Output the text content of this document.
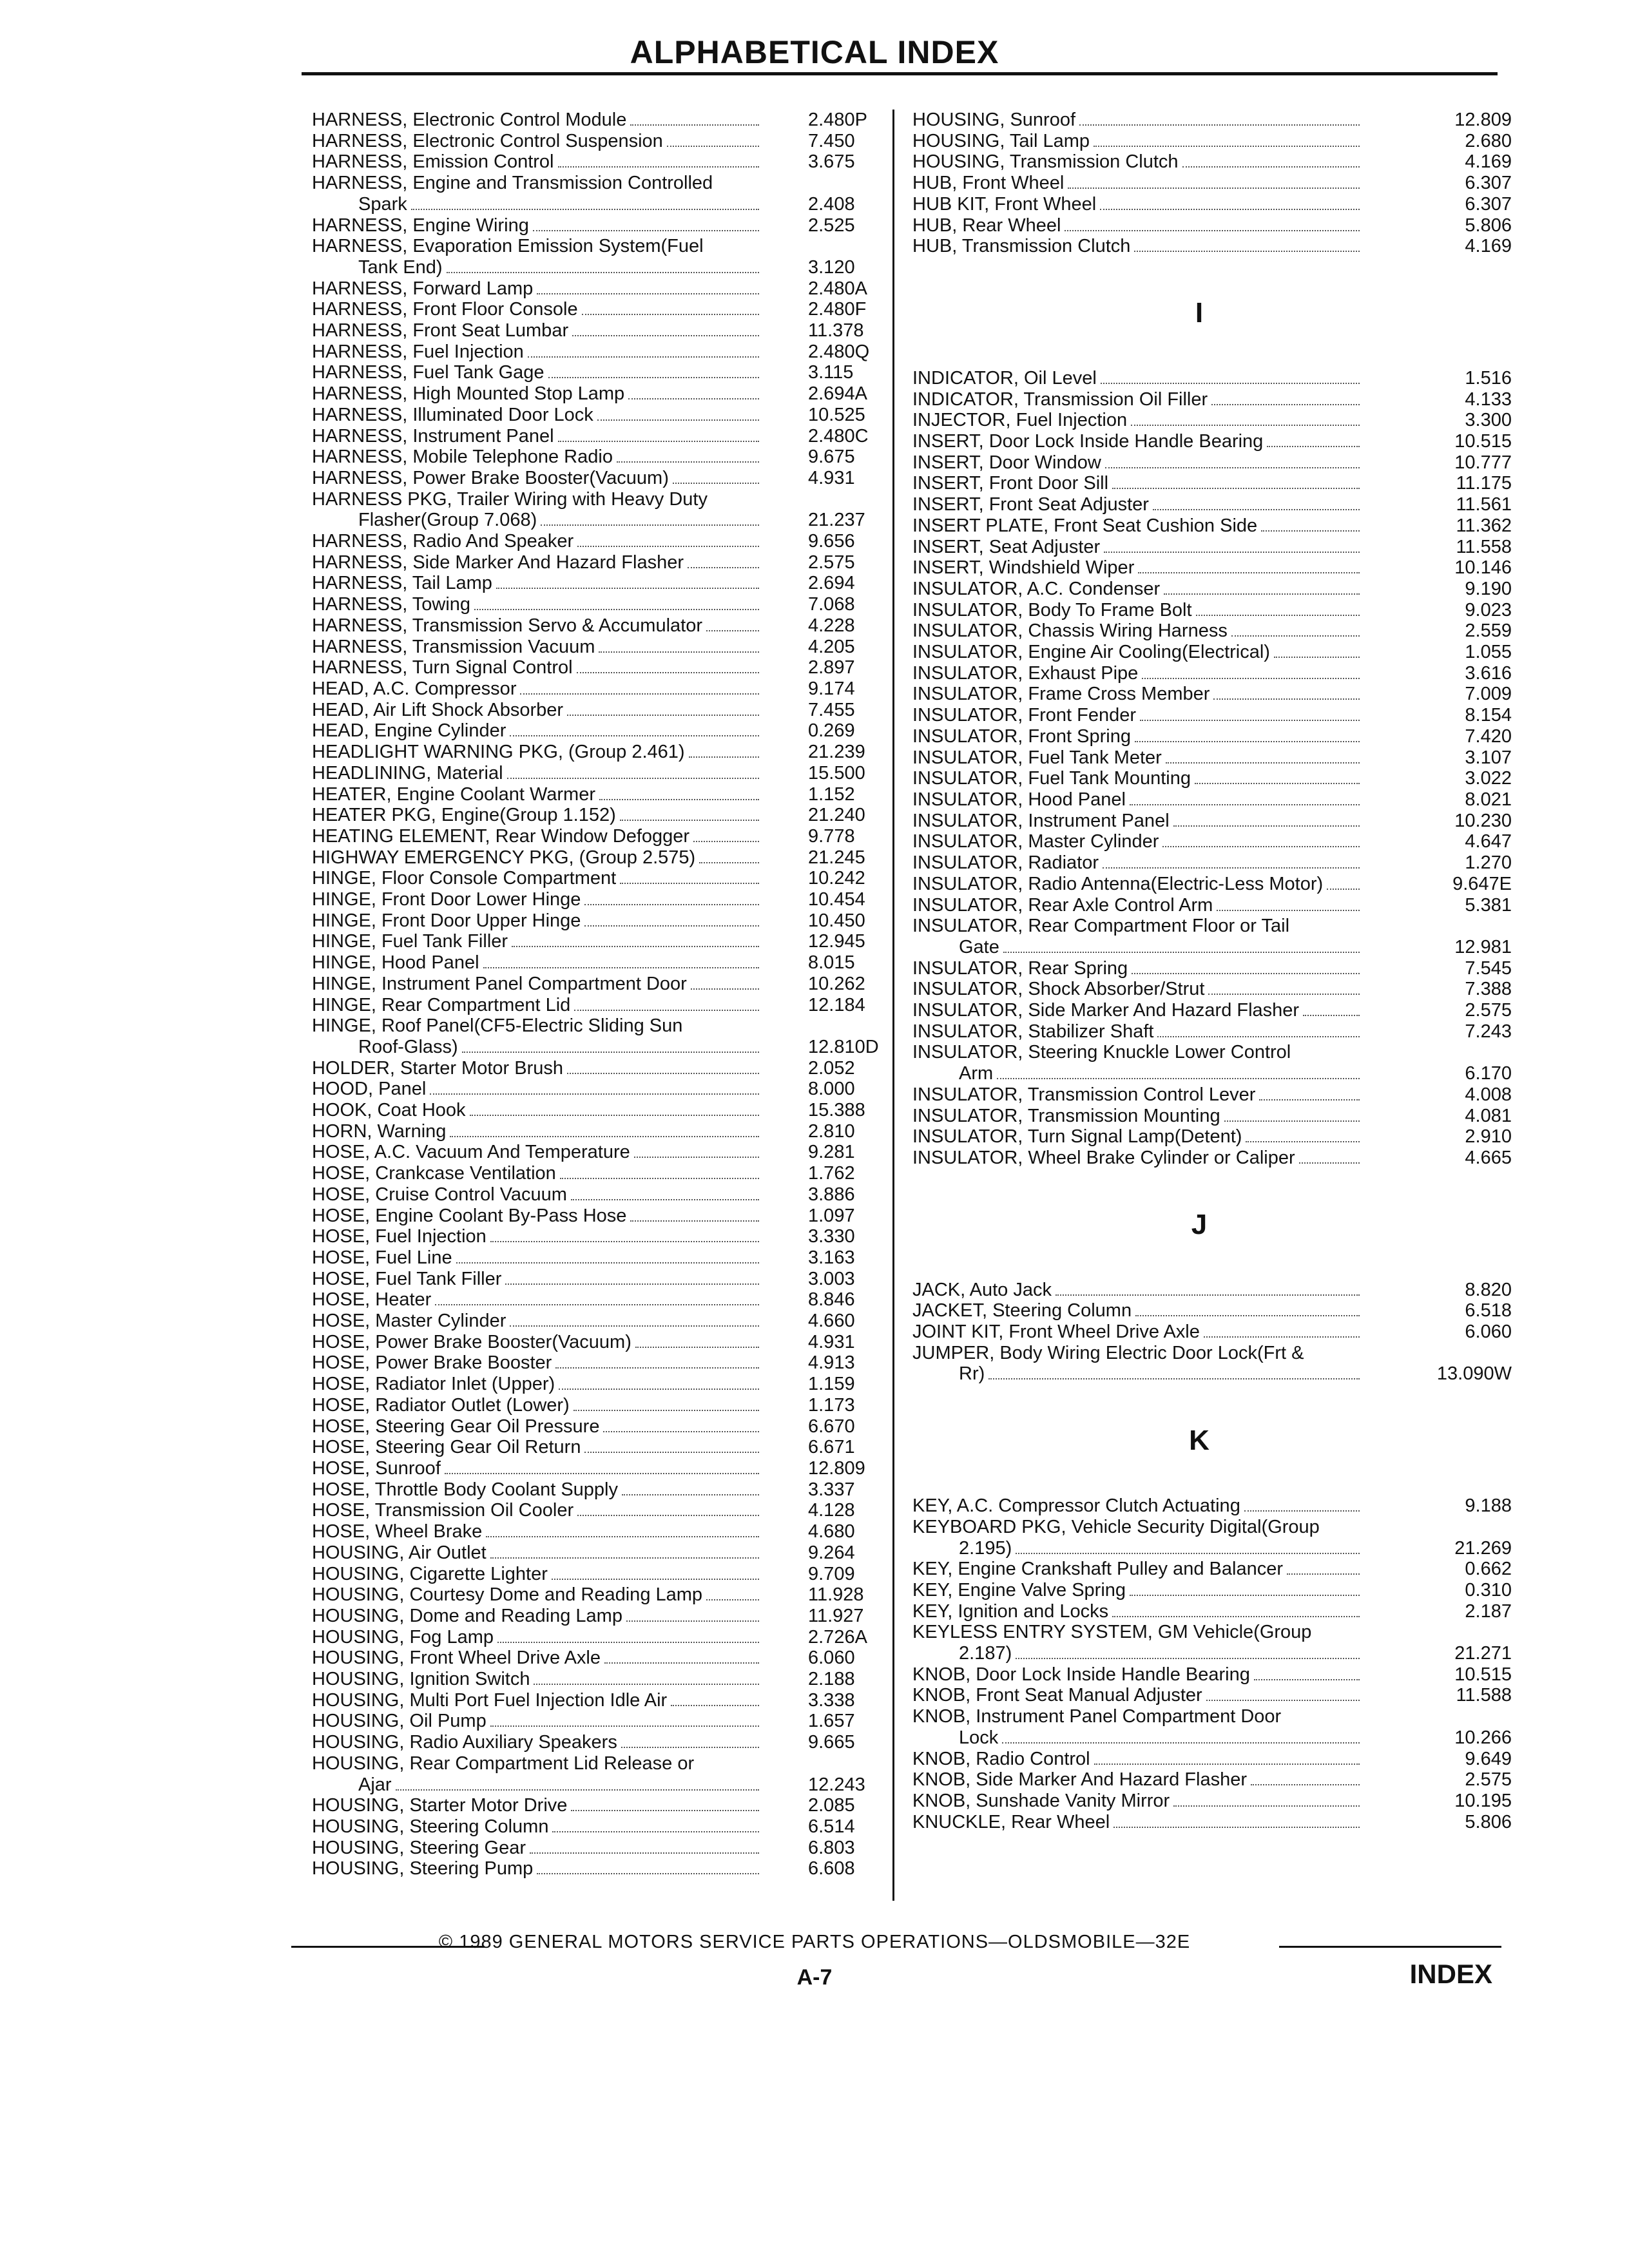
ALPHABETICAL INDEX
HARNESS, Electronic Control Module	2.480P
HARNESS, Electronic Control Suspension	7.450
HARNESS, Emission Control	3.675
HARNESS, Engine and Transmission Controlled
Spark	2.408
HARNESS, Engine Wiring	2.525
HARNESS, Evaporation Emission System(Fuel
Tank End)	3.120
HARNESS, Forward Lamp	2.480A
HARNESS, Front Floor Console	2.480F
HARNESS, Front Seat Lumbar	11.378
HARNESS, Fuel Injection	2.480Q
HARNESS, Fuel Tank Gage	3.115
HARNESS, High Mounted Stop Lamp	2.694A
HARNESS, Illuminated Door Lock	10.525
HARNESS, Instrument Panel	2.480C
HARNESS, Mobile Telephone Radio	9.675
HARNESS, Power Brake Booster(Vacuum)	4.931
HARNESS PKG, Trailer Wiring with Heavy Duty
Flasher(Group 7.068)	21.237
HARNESS, Radio And Speaker	9.656
HARNESS, Side Marker And Hazard Flasher	2.575
HARNESS, Tail Lamp	2.694
HARNESS, Towing	7.068
HARNESS, Transmission Servo & Accumulator	4.228
HARNESS, Transmission Vacuum	4.205
HARNESS, Turn Signal Control	2.897
HEAD, A.C. Compressor	9.174
HEAD, Air Lift Shock Absorber	7.455
HEAD, Engine Cylinder	0.269
HEADLIGHT WARNING PKG, (Group 2.461)	21.239
HEADLINING, Material	15.500
HEATER, Engine Coolant Warmer	1.152
HEATER PKG, Engine(Group 1.152)	21.240
HEATING ELEMENT, Rear Window Defogger	9.778
HIGHWAY EMERGENCY PKG, (Group 2.575)	21.245
HINGE, Floor Console Compartment	10.242
HINGE, Front Door Lower Hinge	10.454
HINGE, Front Door Upper Hinge	10.450
HINGE, Fuel Tank Filler	12.945
HINGE, Hood Panel	8.015
HINGE, Instrument Panel Compartment Door	10.262
HINGE, Rear Compartment Lid	12.184
HINGE, Roof Panel(CF5-Electric Sliding Sun
Roof-Glass)	12.810D
HOLDER, Starter Motor Brush	2.052
HOOD, Panel	8.000
HOOK, Coat Hook	15.388
HORN, Warning	2.810
HOSE, A.C. Vacuum And Temperature	9.281
HOSE, Crankcase Ventilation	1.762
HOSE, Cruise Control Vacuum	3.886
HOSE, Engine Coolant By-Pass Hose	1.097
HOSE, Fuel Injection	3.330
HOSE, Fuel Line	3.163
HOSE, Fuel Tank Filler	3.003
HOSE, Heater	8.846
HOSE, Master Cylinder	4.660
HOSE, Power Brake Booster(Vacuum)	4.931
HOSE, Power Brake Booster	4.913
HOSE, Radiator Inlet (Upper)	1.159
HOSE, Radiator Outlet (Lower)	1.173
HOSE, Steering Gear Oil Pressure	6.670
HOSE, Steering Gear Oil Return	6.671
HOSE, Sunroof	12.809
HOSE, Throttle Body Coolant Supply	3.337
HOSE, Transmission Oil Cooler	4.128
HOSE, Wheel Brake	4.680
HOUSING, Air Outlet	9.264
HOUSING, Cigarette Lighter	9.709
HOUSING, Courtesy Dome and Reading Lamp	11.928
HOUSING, Dome and Reading Lamp	11.927
HOUSING, Fog Lamp	2.726A
HOUSING, Front Wheel Drive Axle	6.060
HOUSING, Ignition Switch	2.188
HOUSING, Multi Port Fuel Injection Idle Air	3.338
HOUSING, Oil Pump	1.657
HOUSING, Radio Auxiliary Speakers	9.665
HOUSING, Rear Compartment Lid Release or
Ajar	12.243
HOUSING, Starter Motor Drive	2.085
HOUSING, Steering Column	6.514
HOUSING, Steering Gear	6.803
HOUSING, Steering Pump	6.608
HOUSING, Sunroof	12.809
HOUSING, Tail Lamp	2.680
HOUSING, Transmission Clutch	4.169
HUB, Front Wheel	6.307
HUB KIT, Front Wheel	6.307
HUB, Rear Wheel	5.806
HUB, Transmission Clutch	4.169
I
INDICATOR, Oil Level	1.516
INDICATOR, Transmission Oil Filler	4.133
INJECTOR, Fuel Injection	3.300
INSERT, Door Lock Inside Handle Bearing	10.515
INSERT, Door Window	10.777
INSERT, Front Door Sill	11.175
INSERT, Front Seat Adjuster	11.561
INSERT PLATE, Front Seat Cushion Side	11.362
INSERT, Seat Adjuster	11.558
INSERT, Windshield Wiper	10.146
INSULATOR, A.C. Condenser	9.190
INSULATOR, Body To Frame Bolt	9.023
INSULATOR, Chassis Wiring Harness	2.559
INSULATOR, Engine Air Cooling(Electrical)	1.055
INSULATOR, Exhaust Pipe	3.616
INSULATOR, Frame Cross Member	7.009
INSULATOR, Front Fender	8.154
INSULATOR, Front Spring	7.420
INSULATOR, Fuel Tank Meter	3.107
INSULATOR, Fuel Tank Mounting	3.022
INSULATOR, Hood Panel	8.021
INSULATOR, Instrument Panel	10.230
INSULATOR, Master Cylinder	4.647
INSULATOR, Radiator	1.270
INSULATOR, Radio Antenna(Electric-Less Motor)	9.647E
INSULATOR, Rear Axle Control Arm	5.381
INSULATOR, Rear Compartment Floor or Tail
Gate	12.981
INSULATOR, Rear Spring	7.545
INSULATOR, Shock Absorber/Strut	7.388
INSULATOR, Side Marker And Hazard Flasher	2.575
INSULATOR, Stabilizer Shaft	7.243
INSULATOR, Steering Knuckle Lower Control
Arm	6.170
INSULATOR, Transmission Control Lever	4.008
INSULATOR, Transmission Mounting	4.081
INSULATOR, Turn Signal Lamp(Detent)	2.910
INSULATOR, Wheel Brake Cylinder or Caliper	4.665
J
JACK, Auto Jack	8.820
JACKET, Steering Column	6.518
JOINT KIT, Front Wheel Drive Axle	6.060
JUMPER, Body Wiring Electric Door Lock(Frt &
Rr)	13.090W
K
KEY, A.C. Compressor Clutch Actuating	9.188
KEYBOARD PKG, Vehicle Security Digital(Group
2.195)	21.269
KEY, Engine Crankshaft Pulley and Balancer	0.662
KEY, Engine Valve Spring	0.310
KEY, Ignition and Locks	2.187
KEYLESS ENTRY SYSTEM, GM Vehicle(Group
2.187)	21.271
KNOB, Door Lock Inside Handle Bearing	10.515
KNOB, Front Seat Manual Adjuster	11.588
KNOB, Instrument Panel Compartment Door
Lock	10.266
KNOB, Radio Control	9.649
KNOB, Side Marker And Hazard Flasher	2.575
KNOB, Sunshade Vanity Mirror	10.195
KNUCKLE, Rear Wheel	5.806
© 1989 GENERAL MOTORS SERVICE PARTS OPERATIONS—OLDSMOBILE—32E
A-7	INDEX
